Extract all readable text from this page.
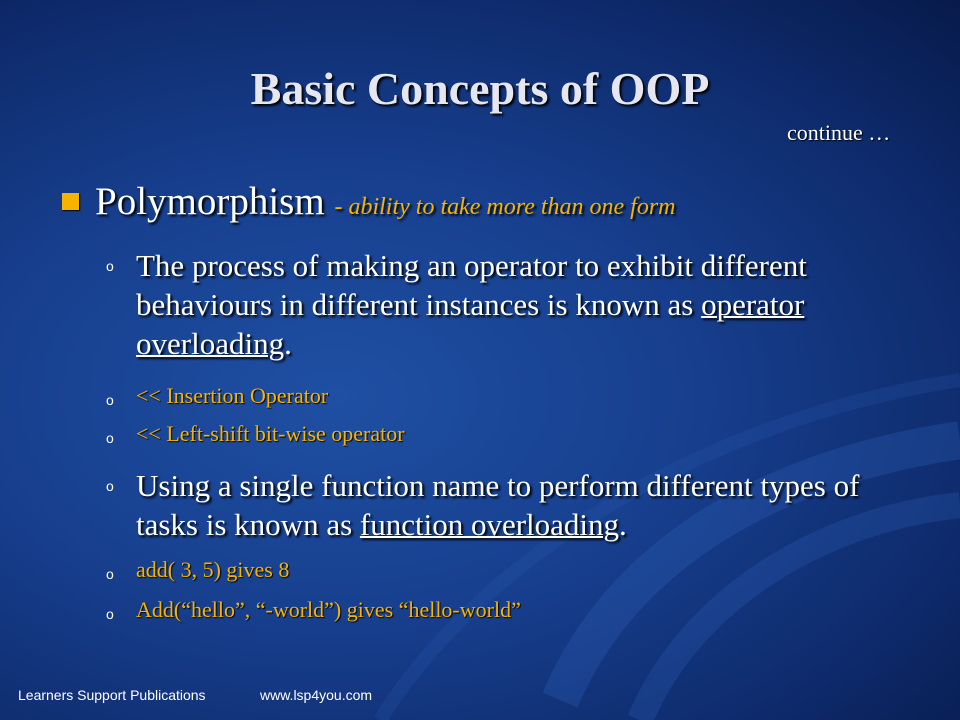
Basic Concepts of OOP
continue …
Polymorphism - ability to take more than one form
o The process of making an operator to exhibit different behaviours in different instances is known as operator overloading.
o << Insertion Operator
o << Left-shift bit-wise operator
o Using a single function name to perform different types of tasks is known as function overloading.
o add( 3, 5) gives 8
o Add(“hello”, “-world”) gives “hello-world”
Learners Support Publications	www.lsp4you.com
